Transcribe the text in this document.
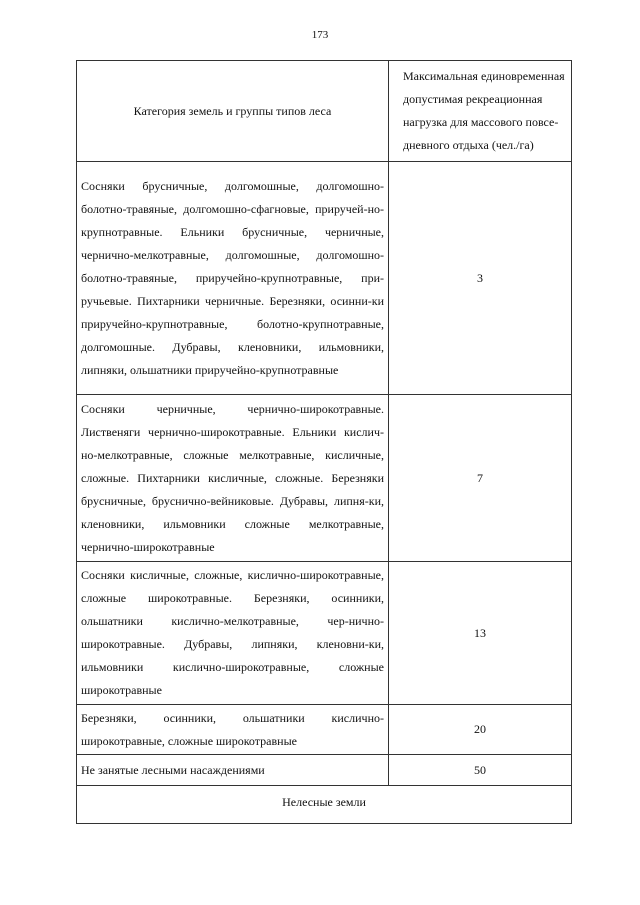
173
Категория земель и группы типов леса	Максимальная единовременная допустимая рекреационная нагрузка для массового повсе-дневного отдыха (чел./га)
Сосняки брусничные, долгомошные, долгомошно-болотно-травяные, долгомошно-сфагновые, приручей-но-крупнотравные. Ельники брусничные, черничные, чернично-мелкотравные, долгомошные, долгомошно-болотно-травяные, приручейно-крупнотравные, при-ручьевые. Пихтарники черничные. Березняки, осинни-ки приручейно-крупнотравные, болотно-крупнотравные, долгомошные. Дубравы, кленовники, ильмовники, липняки, ольшатники приручейно-крупнотравные	3
Сосняки черничные, чернично-широкотравные. Лиственяги чернично-широкотравные. Ельники кислич-но-мелкотравные, сложные мелкотравные, кисличные, сложные. Пихтарники кисличные, сложные. Березняки брусничные, бруснично-вейниковые. Дубравы, липня-ки, кленовники, ильмовники сложные мелкотравные, чернично-широкотравные	7
Сосняки кисличные, сложные, кислично-широкотравные, сложные широкотравные. Березняки, осинники, ольшатники кислично-мелкотравные, чер-нично-широкотравные. Дубравы, липняки, кленовни-ки, ильмовники кислично-широкотравные, сложные широкотравные	13
Березняки, осинники, ольшатники кислично-широкотравные, сложные широкотравные	20
Не занятые лесными насаждениями	50
Нелесные земли	
